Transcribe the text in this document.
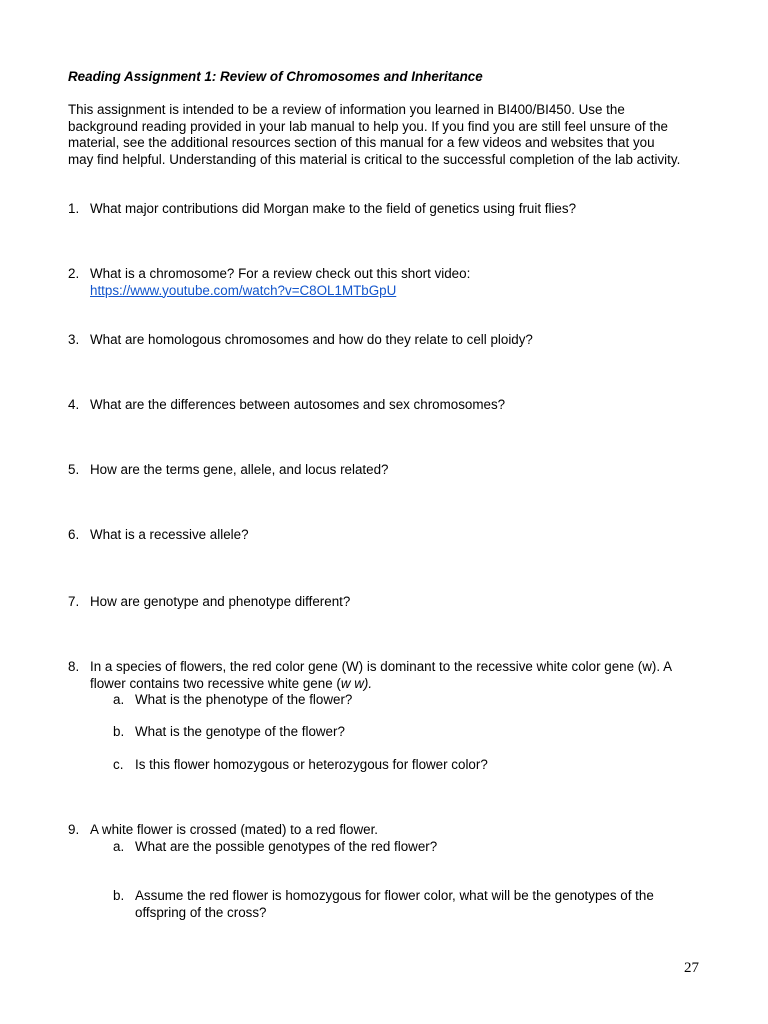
Reading Assignment 1: Review of Chromosomes and Inheritance
This assignment is intended to be a review of information you learned in BI400/BI450. Use the
background reading provided in your lab manual to help you. If you find you are still feel unsure of the
material, see the additional resources section of this manual for a few videos and websites that you
may find helpful. Understanding of this material is critical to the successful completion of the lab activity.
1. What major contributions did Morgan make to the field of genetics using fruit flies?
2. What is a chromosome? For a review check out this short video:
https://www.youtube.com/watch?v=C8OL1MTbGpU
3. What are homologous chromosomes and how do they relate to cell ploidy?
4. What are the differences between autosomes and sex chromosomes?
5. How are the terms gene, allele, and locus related?
6. What is a recessive allele?
7. How are genotype and phenotype different?
8. In a species of flowers, the red color gene (W) is dominant to the recessive white color gene (w). A
flower contains two recessive white gene (w w).
a. What is the phenotype of the flower?
b. What is the genotype of the flower?
c. Is this flower homozygous or heterozygous for flower color?
9. A white flower is crossed (mated) to a red flower.
a. What are the possible genotypes of the red flower?
b. Assume the red flower is homozygous for flower color, what will be the genotypes of the
offspring of the cross?
27
